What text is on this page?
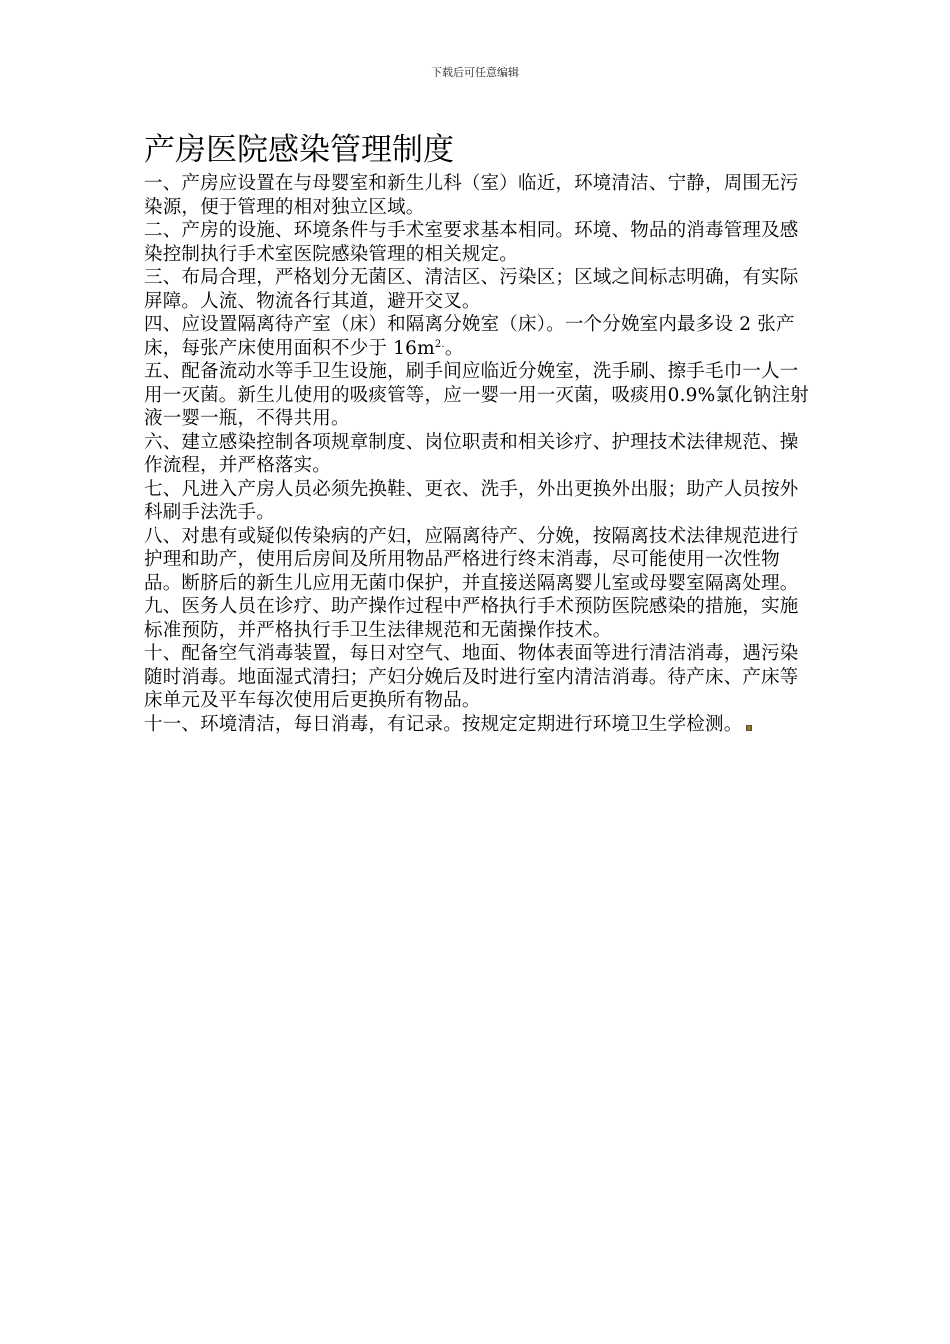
下载后可任意编辑
产房医院感染管理制度
一、产房应设置在与母婴室和新生儿科（室）临近，环境清洁、宁静，周围无污染源，便于管理的相对独立区域。
二、产房的设施、环境条件与手术室要求基本相同。环境、物品的消毒管理及感染控制执行手术室医院感染管理的相关规定。
三、布局合理，严格划分无菌区、清洁区、污染区；区域之间标志明确，有实际屏障。人流、物流各行其道，避开交叉。
四、应设置隔离待产室（床）和隔离分娩室（床）。一个分娩室内最多设 2 张产床，每张产床使用面积不少于 $16m^{2.}$。
五、配备流动水等手卫生设施，刷手间应临近分娩室，洗手刷、擦手毛巾一人一用一灭菌。新生儿使用的吸痰管等，应一婴一用一灭菌，吸痰用0.9%氯化钠注射液一婴一瓶，不得共用。
六、建立感染控制各项规章制度、岗位职责和相关诊疗、护理技术法律规范、操作流程，并严格落实。
七、凡进入产房人员必须先换鞋、更衣、洗手，外出更换外出服；助产人员按外科刷手法洗手。
八、对患有或疑似传染病的产妇，应隔离待产、分娩，按隔离技术法律规范进行护理和助产，使用后房间及所用物品严格进行终末消毒，尽可能使用一次性物品。断脐后的新生儿应用无菌巾保护，并直接送隔离婴儿室或母婴室隔离处理。
九、医务人员在诊疗、助产操作过程中严格执行手术预防医院感染的措施，实施标准预防，并严格执行手卫生法律规范和无菌操作技术。
十、配备空气消毒装置，每日对空气、地面、物体表面等进行清洁消毒，遇污染随时消毒。地面湿式清扫；产妇分娩后及时进行室内清洁消毒。待产床、产床等床单元及平车每次使用后更换所有物品。
十一、环境清洁，每日消毒，有记录。按规定定期进行环境卫生学检测。
